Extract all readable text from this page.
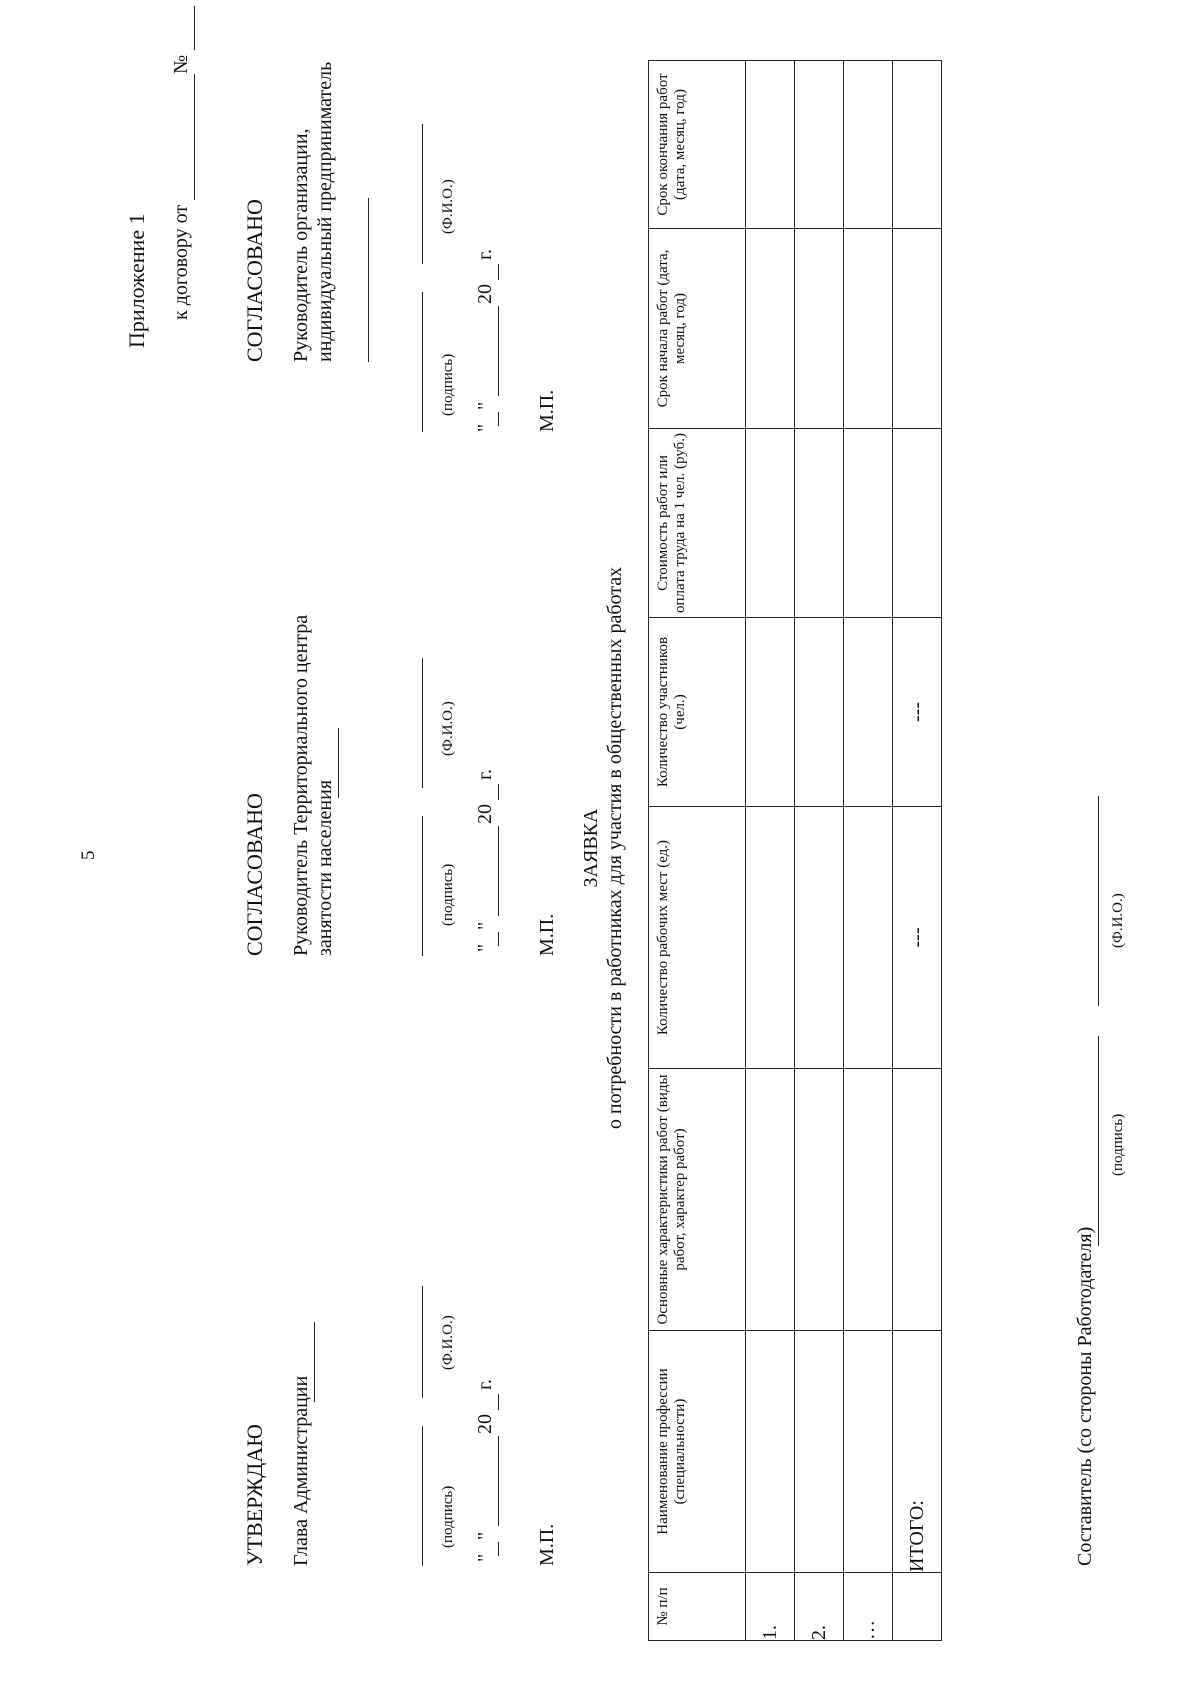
5
Приложение 1 к договору от
№
УТВЕРЖДАЮ Глава Администрации	(подпись)
(Ф.И.О.)
"
"
20
г.
М.П.
СОГЛАСОВАНО Руководитель Территориального центра занятости населения	(подпись)
(Ф.И.О.)
"
"
20
г.
М.П.
СОГЛАСОВАНО Руководитель организации, индивидуальный предприниматель
(подпись)
(Ф.И.О.)
"
"
20
г.
М.П.
ЗАЯВКА о потребности в работниках для участия в общественных работах
№ п/п	Наименование профессии (специальности)	Основные характеристики работ (виды работ, характер работ)	Количество рабочих мест (ед.)	Количество участников (чел.)	Стоимость работ или оплата труда на 1 чел. (руб.)	Срок начала работ (дата, месяц, год)	Срок окончания работ (дата, месяц, год)
1.							
2.							
…							
	ИТОГО:		---	---			
Составитель (со стороны Работодателя)
(подпись)
(Ф.И.О.)
